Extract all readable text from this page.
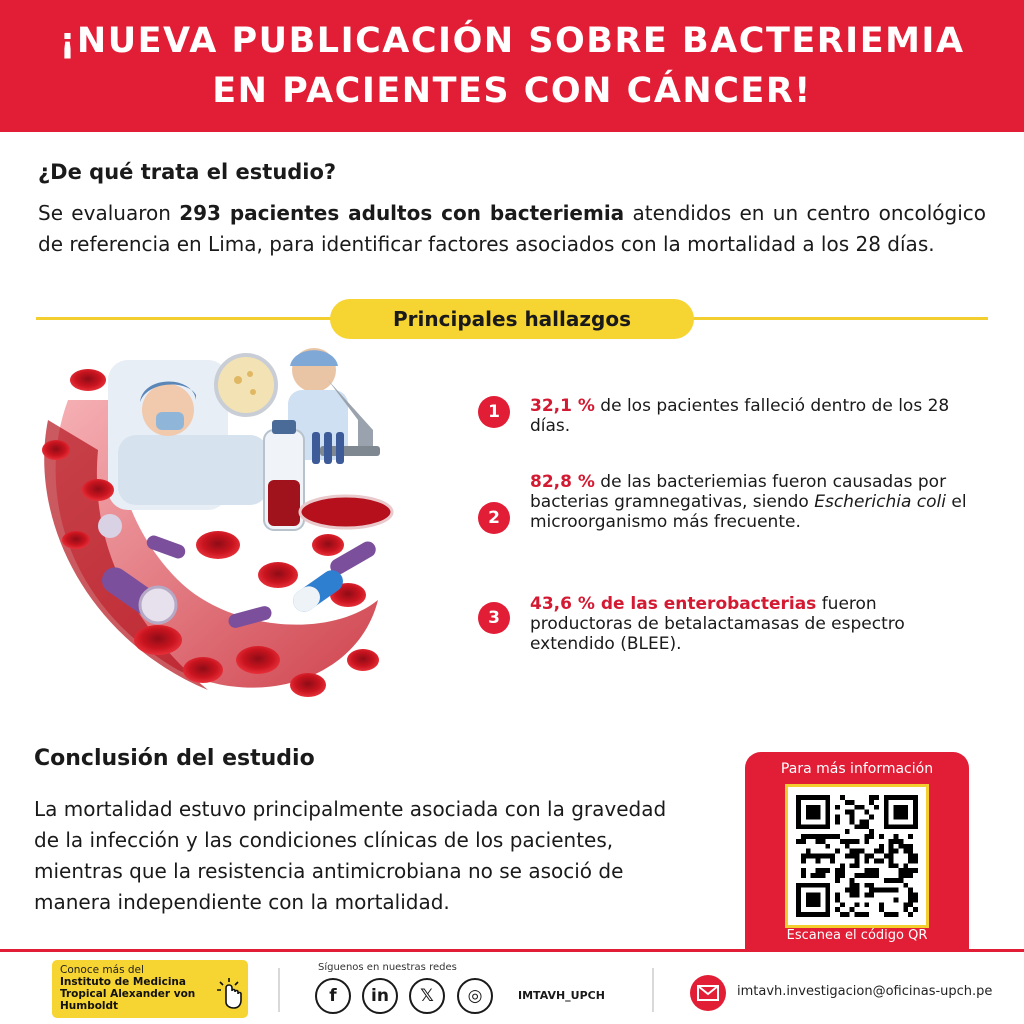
¡NUEVA PUBLICACIÓN SOBRE BACTERIEMIA EN PACIENTES CON CÁNCER!
¿De qué trata el estudio?

Se evaluaron 293 pacientes adultos con bacteriemia atendidos en un centro oncológico de referencia en Lima, para identificar factores asociados con la mortalidad a los 28 días.

Principales hallazgos
1	32,1 % de los pacientes falleció dentro de los 28 días.
2
82,8 % de las bacteriemias fueron causadas por bacterias gramnegativas, siendo Escherichia coli el microorganismo más frecuente.
3
43,6 % de las enterobacterias fueron productoras de betalactamasas de espectro extendido (BLEE).
Conclusión del estudio

La mortalidad estuvo principalmente asociada con la gravedad de la infección y las condiciones clínicas de los pacientes, mientras que la resistencia antimicrobiana no se asoció de manera independiente con la mortalidad.

Para más información
Escanea el código QR
Conoce más del
Instituto de Medicina Tropical Alexander von Humboldt
Síguenos en nuestras redes
f	in	𝕏	◎	IMTAVH_UPCH	imtavh.investigacion@oficinas-upch.pe
